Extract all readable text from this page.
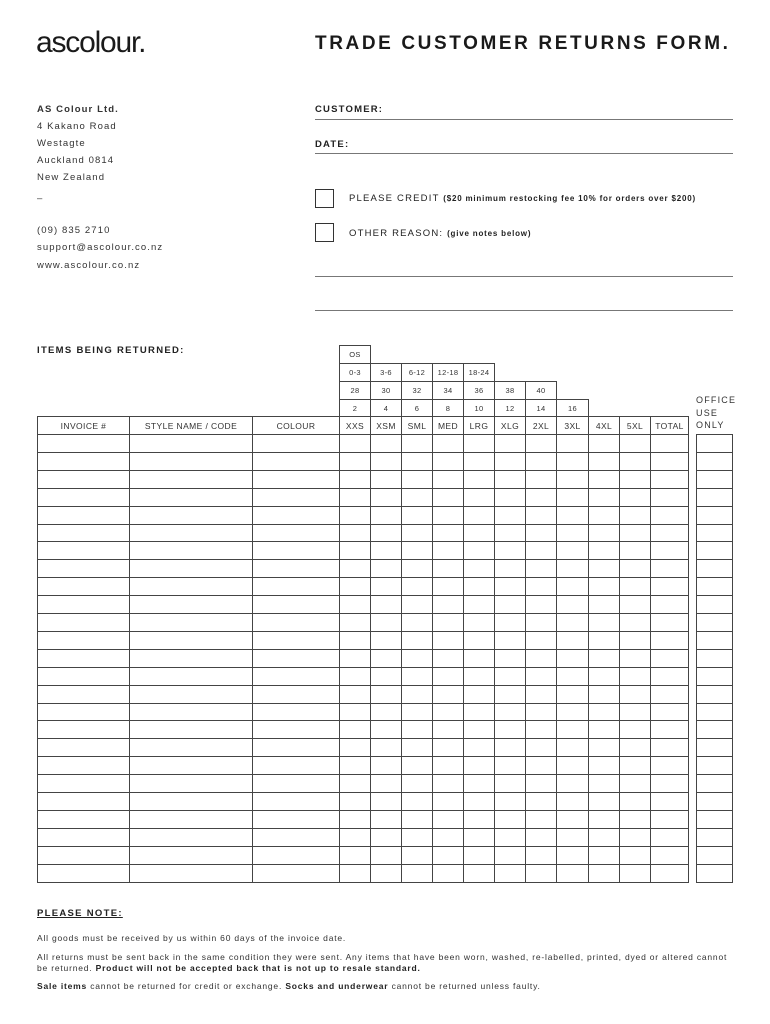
ascolour.	TRADE CUSTOMER RETURNS FORM.
AS Colour Ltd.
4 Kakano Road
Westagte
Auckland 0814
New Zealand
–
(09) 835 2710
support@ascolour.co.nz
www.ascolour.co.nz
CUSTOMER:
DATE:
PLEASE CREDIT ($20 minimum restocking fee 10% for orders over $200)
OTHER REASON: (give notes below)
ITEMS BEING RETURNED:	OS
0-3	3-6	6-12	12-18	18-24
28	30	32	34	36	38	40
2	4	6	8	10	12	14	16
INVOICE #	STYLE NAME / CODE	COLOUR	XXS	XSM	SML	MED	LRG	XLG	2XL	3XL	4XL	5XL	TOTAL
OFFICE USE ONLY
PLEASE NOTE:
All goods must be received by us within 60 days of the invoice date.
All returns must be sent back in the same condition they were sent. Any items that have been worn, washed, re-labelled, printed, dyed or altered cannot be returned. Product will not be accepted back that is not up to resale standard.
Sale items cannot be returned for credit or exchange. Socks and underwear cannot be returned unless faulty.
